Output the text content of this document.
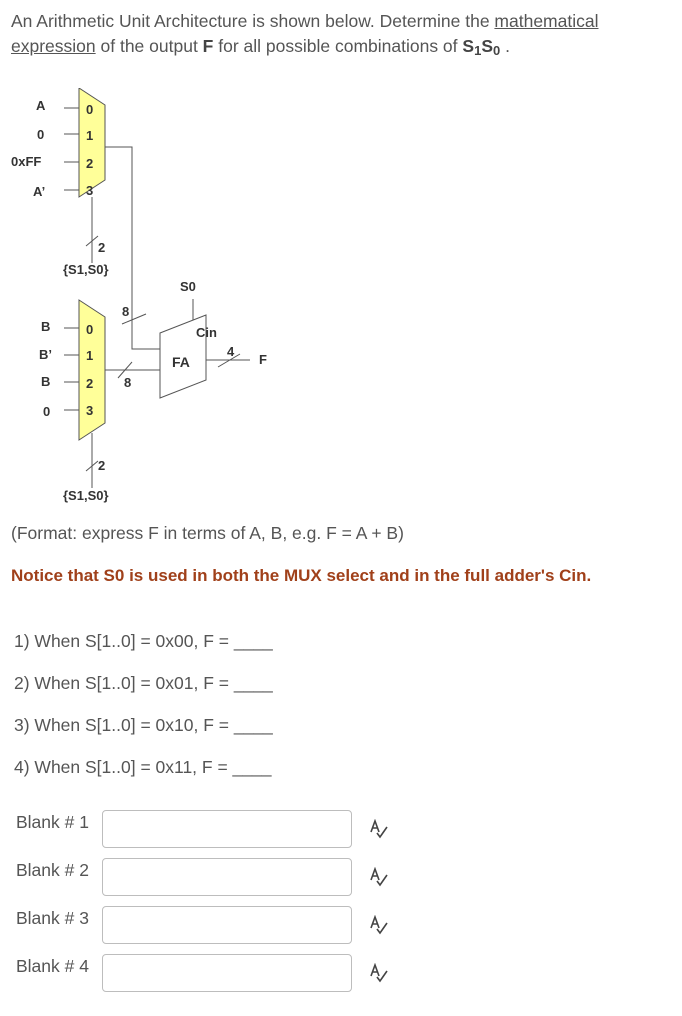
An Arithmetic Unit Architecture is shown below. Determine the mathematical expression of the output F for all possible combinations of $S_1S_0$ .
A
0
0xFF
A’
0
1
2
3
2
{S1,S0}
8
B
B’
B
0
0
1
2
3
2
{S1,S0}
8
FA
S0
Cin
4
F
(Format: express F in terms of A, B, e.g. F = A + B)
Notice that S0 is used in both the MUX select and in the full adder's Cin.
1) When S[1..0] = 0x00, F = ____
2) When S[1..0] = 0x01, F = ____
3) When S[1..0] = 0x10, F = ____
4) When S[1..0] = 0x11, F = ____
Blank # 1
Blank # 2
Blank # 3
Blank # 4
